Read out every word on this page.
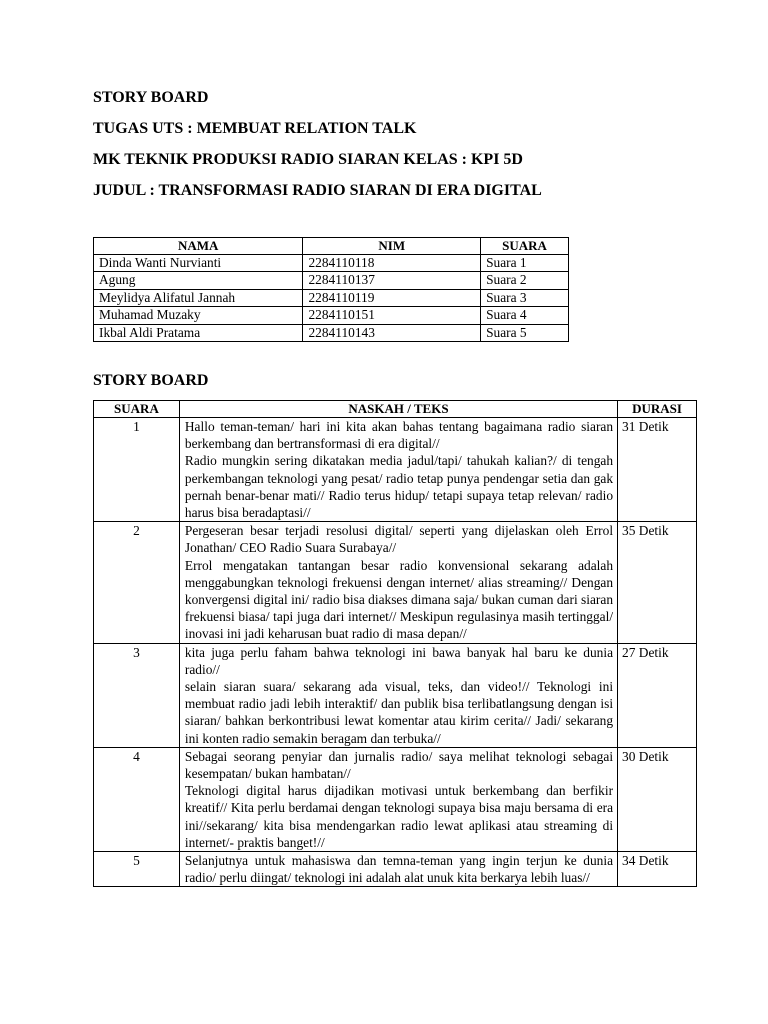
STORY BOARD
TUGAS UTS : MEMBUAT RELATION TALK
MK TEKNIK PRODUKSI RADIO SIARAN KELAS : KPI 5D
JUDUL : TRANSFORMASI RADIO SIARAN DI ERA DIGITAL
NAMA	NIM	SUARA
Dinda Wanti Nurvianti	2284110118	Suara 1
Agung	2284110137	Suara 2
Meylidya Alifatul Jannah	2284110119	Suara 3
Muhamad Muzaky	2284110151	Suara 4
Ikbal Aldi Pratama	2284110143	Suara 5
STORY BOARD
SUARA	NASKAH / TEKS	DURASI
1	Hallo teman-teman/ hari ini kita akan bahas tentang bagaimana radio siaran berkembang dan bertransformasi di era digital//
Radio mungkin sering dikatakan media jadul/tapi/ tahukah kalian?/ di tengah perkembangan teknologi yang pesat/ radio tetap punya pendengar setia dan gak pernah benar-benar mati// Radio terus hidup/ tetapi supaya tetap relevan/ radio harus bisa beradaptasi//	31 Detik
2	Pergeseran besar terjadi resolusi digital/ seperti yang dijelaskan oleh Errol Jonathan/ CEO Radio Suara Surabaya//
Errol mengatakan tantangan besar radio konvensional sekarang adalah menggabungkan teknologi frekuensi dengan internet/ alias streaming// Dengan konvergensi digital ini/ radio bisa diakses dimana saja/ bukan cuman dari siaran frekuensi biasa/ tapi juga dari internet// Meskipun regulasinya masih tertinggal/ inovasi ini jadi keharusan buat radio di masa depan//	35 Detik
3	kita juga perlu faham bahwa teknologi ini bawa banyak hal baru ke dunia radio//
selain siaran suara/ sekarang ada visual, teks, dan video!// Teknologi ini membuat radio jadi lebih interaktif/ dan publik bisa terlibatlangsung dengan isi siaran/ bahkan berkontribusi lewat komentar atau kirim cerita// Jadi/ sekarang ini konten radio semakin beragam dan terbuka//	27 Detik
4	Sebagai seorang penyiar dan jurnalis radio/ saya melihat teknologi sebagai kesempatan/ bukan hambatan//
Teknologi digital harus dijadikan motivasi untuk berkembang dan berfikir kreatif// Kita perlu berdamai dengan teknologi supaya bisa maju bersama di era ini//sekarang/ kita bisa mendengarkan radio lewat aplikasi atau streaming di internet/- praktis banget!//	30 Detik
5	Selanjutnya untuk mahasiswa dan temna-teman yang ingin terjun ke dunia radio/ perlu diingat/ teknologi ini adalah alat unuk kita berkarya lebih luas//	34 Detik
